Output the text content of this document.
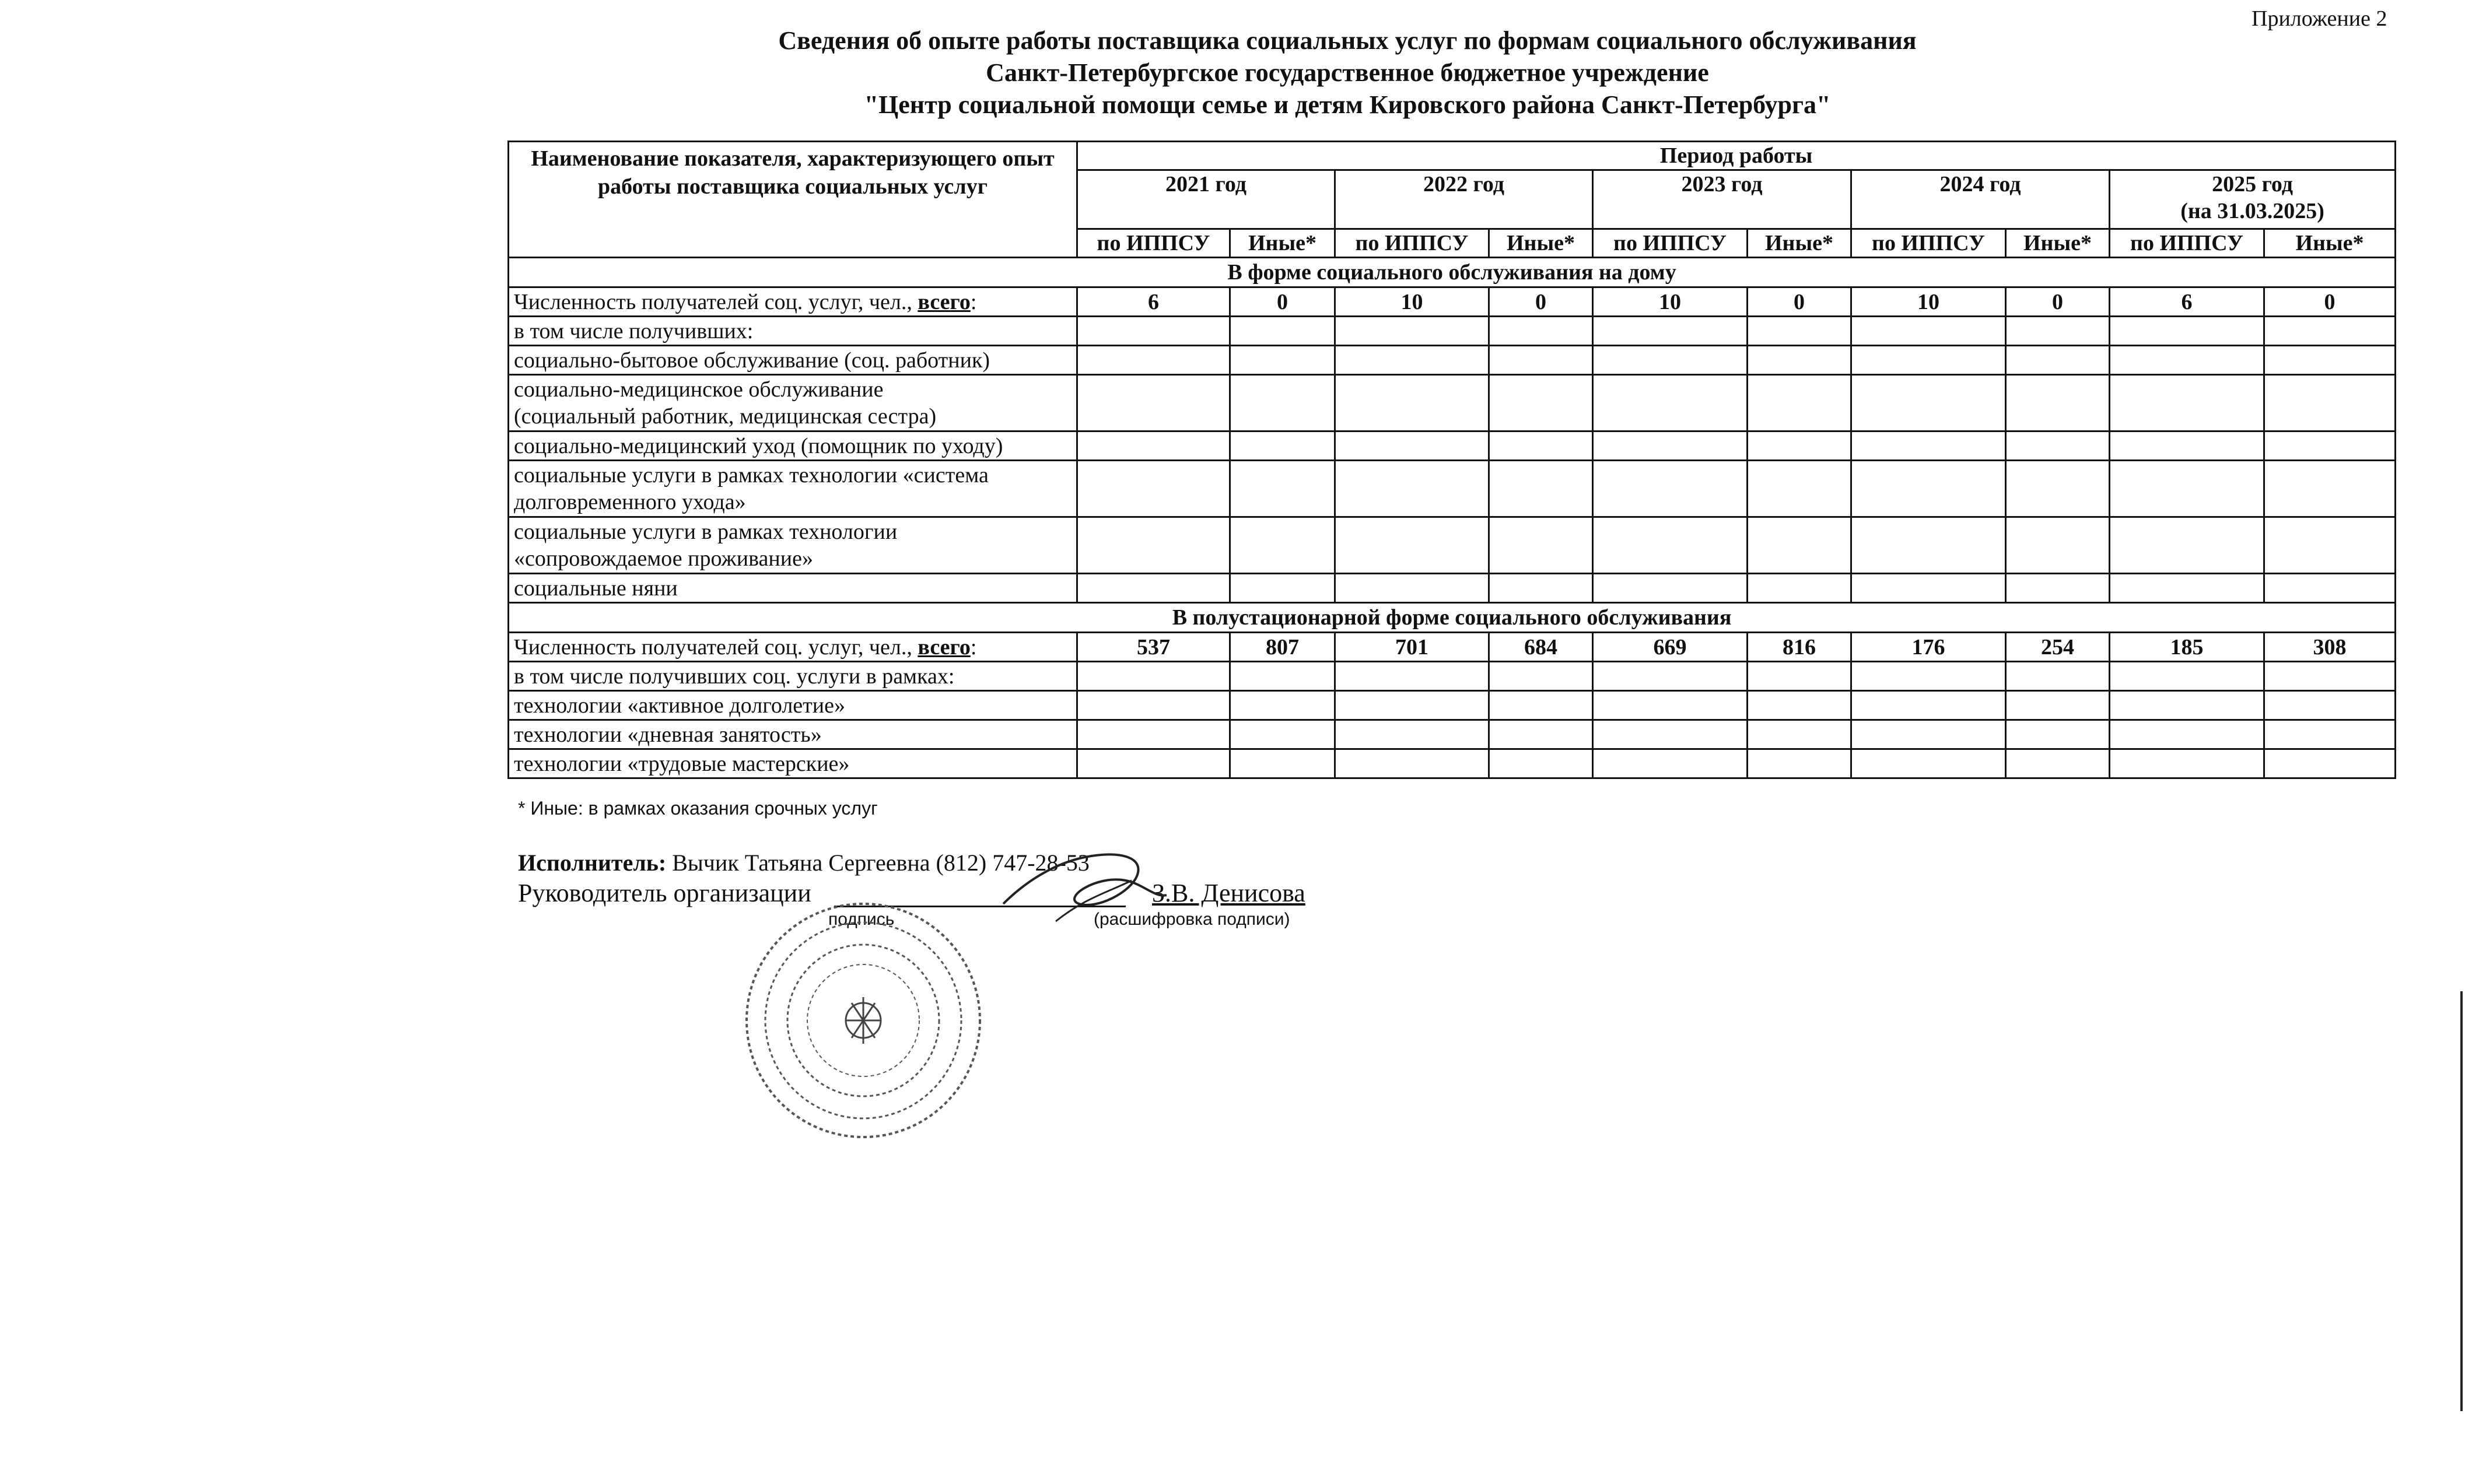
Приложение 2
Сведения об опыте работы поставщика социальных услуг по формам социального обслуживания
Санкт-Петербургское государственное бюджетное учреждение
"Центр социальной помощи семье и детям Кировского района Санкт-Петербурга"
Наименование показателя, характеризующего опыт работы поставщика социальных услуг	Период работы									
	2021 год		2022 год		2023 год		2024 год		2025 год
(на 31.03.2025)	
	по ИППСУ	Иные*	по ИППСУ	Иные*	по ИППСУ	Иные*	по ИППСУ	Иные*	по ИППСУ	Иные*
В форме социального обслуживания на дому										
Численность получателей соц. услуг, чел., всего:	6	0	10	0	10	0	10	0	6	0
в том числе получивших:										
социально-бытовое обслуживание (соц. работник)										
социально-медицинское обслуживание
(социальный работник, медицинская сестра)										
социально-медицинский уход (помощник по уходу)										
социальные услуги в рамках технологии «система
долговременного ухода»										
социальные услуги в рамках технологии
«сопровождаемое проживание»										
социальные няни										
В полустационарной форме социального обслуживания										
Численность получателей соц. услуг, чел., всего:	537	807	701	684	669	816	176	254	185	308
в том числе получивших соц. услуги в рамках:										
технологии «активное долголетие»										
технологии «дневная занятость»										
технологии «трудовые мастерские»										
* Иные: в рамках оказания срочных услуг
Исполнитель: Вычик Татьяна Сергеевна (812) 747-28-53
Руководитель организации	З.В. Денисова
подпись	(расшифровка подписи)
